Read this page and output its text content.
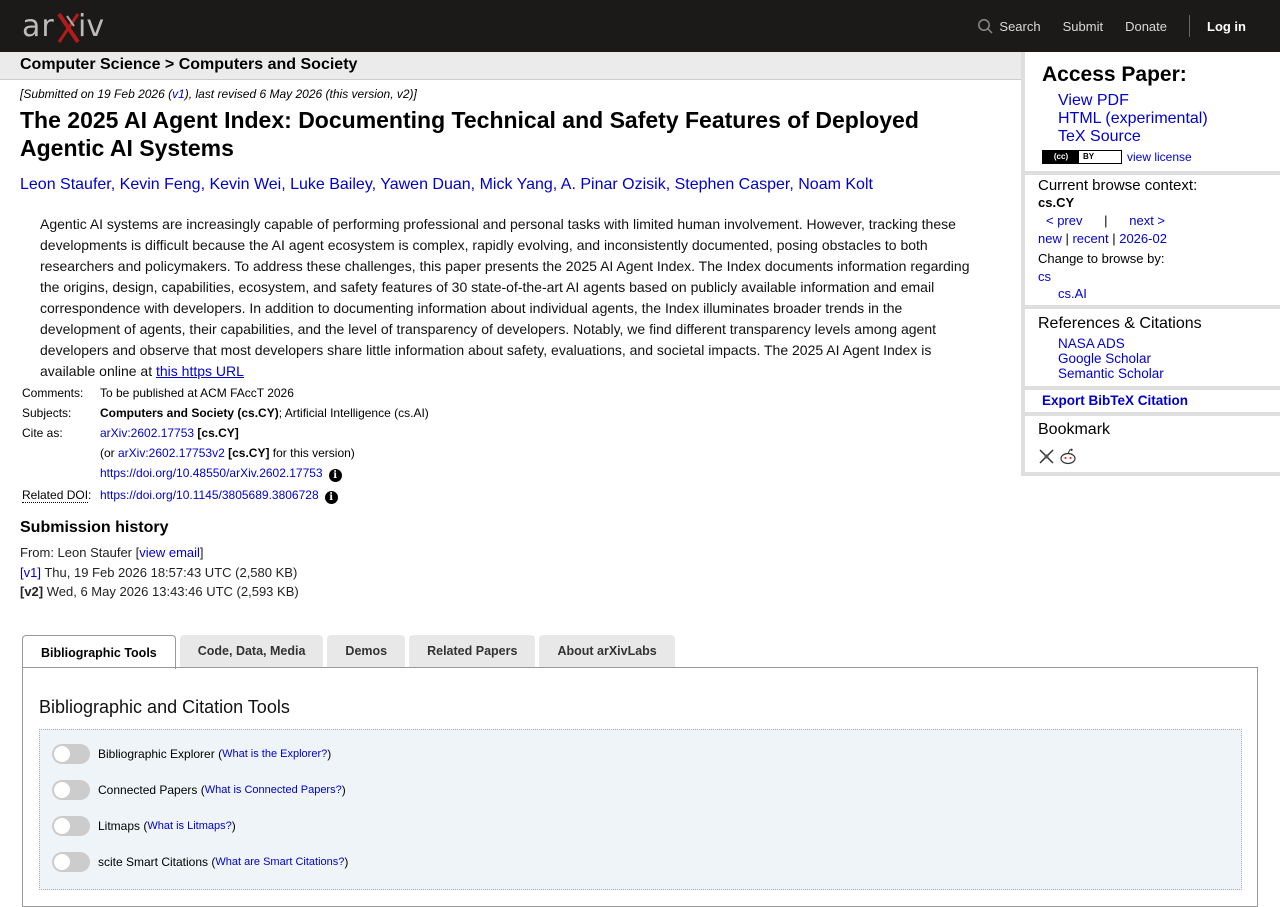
ar iv	Search Submit Donate	Log in
Computer Science > Computers and Society
[Submitted on 19 Feb 2026 (v1), last revised 6 May 2026 (this version, v2)]
The 2025 AI Agent Index: Documenting Technical and Safety Features of Deployed Agentic AI Systems
Leon Staufer, Kevin Feng, Kevin Wei, Luke Bailey, Yawen Duan, Mick Yang, A. Pinar Ozisik, Stephen Casper, Noam Kolt
Agentic AI systems are increasingly capable of performing professional and personal tasks with limited human involvement. However, tracking these developments is difficult because the AI agent ecosystem is complex, rapidly evolving, and inconsistently documented, posing obstacles to both researchers and policymakers. To address these challenges, this paper presents the 2025 AI Agent Index. The Index documents information regarding the origins, design, capabilities, ecosystem, and safety features of 30 state-of-the-art AI agents based on publicly available information and email correspondence with developers. In addition to documenting information about individual agents, the Index illuminates broader trends in the development of agents, their capabilities, and the level of transparency of developers. Notably, we find different transparency levels among agent developers and observe that most developers share little information about safety, evaluations, and societal impacts. The 2025 AI Agent Index is available online at this https URL
Comments:	To be published at ACM FAccT 2026
Subjects:	Computers and Society (cs.CY); Artificial Intelligence (cs.AI)
Cite as:	arXiv:2602.17753 [cs.CY]
(or arXiv:2602.17753v2 [cs.CY] for this version)
https://doi.org/10.48550/arXiv.2602.17753 i
Related DOI: https://doi.org/10.1145/3805689.3806728 i
Submission history
From: Leon Staufer [view email]
[v1] Thu, 19 Feb 2026 18:57:43 UTC (2,580 KB)
[v2] Wed, 6 May 2026 13:43:46 UTC (2,593 KB)
Bibliographic Tools	Code, Data, Media	Demos	Related Papers	About arXivLabs
Bibliographic and Citation Tools
Bibliographic Explorer ( What is the Explorer? )
Connected Papers ( What is Connected Papers? )
Litmaps ( What is Litmaps? )
scite Smart Citations ( What are Smart Citations? )
Access Paper:
View PDF
HTML (experimental)
TeX Source
(cc)	BY	view license
Current browse context:
cs.CY
< prev | next >
new | recent | 2026-02
Change to browse by:
cs
cs.AI
References & Citations
NASA ADS
Google Scholar
Semantic Scholar
Export BibTeX Citation
Bookmark
